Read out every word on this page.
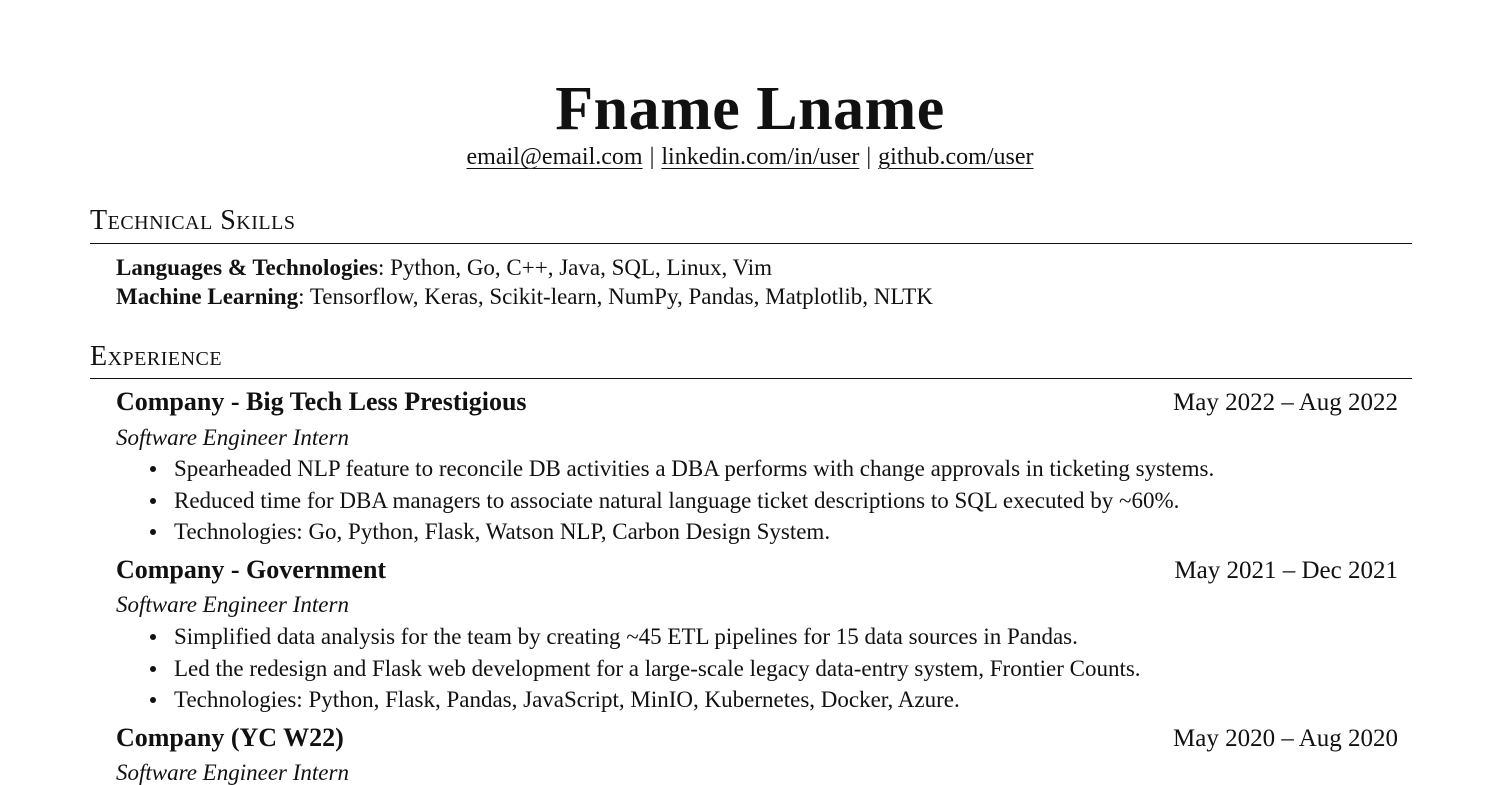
Fname Lname
email@email.com | linkedin.com/in/user | github.com/user
Technical Skills
Languages & Technologies: Python, Go, C++, Java, SQL, Linux, Vim
Machine Learning: Tensorflow, Keras, Scikit-learn, NumPy, Pandas, Matplotlib, NLTK
Experience
Company - Big Tech Less Prestigious	May 2022 – Aug 2022
Software Engineer Intern
Spearheaded NLP feature to reconcile DB activities a DBA performs with change approvals in ticketing systems.
Reduced time for DBA managers to associate natural language ticket descriptions to SQL executed by ~60%.
Technologies: Go, Python, Flask, Watson NLP, Carbon Design System.
Company - Government	May 2021 – Dec 2021
Software Engineer Intern
Simplified data analysis for the team by creating ~45 ETL pipelines for 15 data sources in Pandas.
Led the redesign and Flask web development for a large-scale legacy data-entry system, Frontier Counts.
Technologies: Python, Flask, Pandas, JavaScript, MinIO, Kubernetes, Docker, Azure.
Company (YC W22)	May 2020 – Aug 2020
Software Engineer Intern
